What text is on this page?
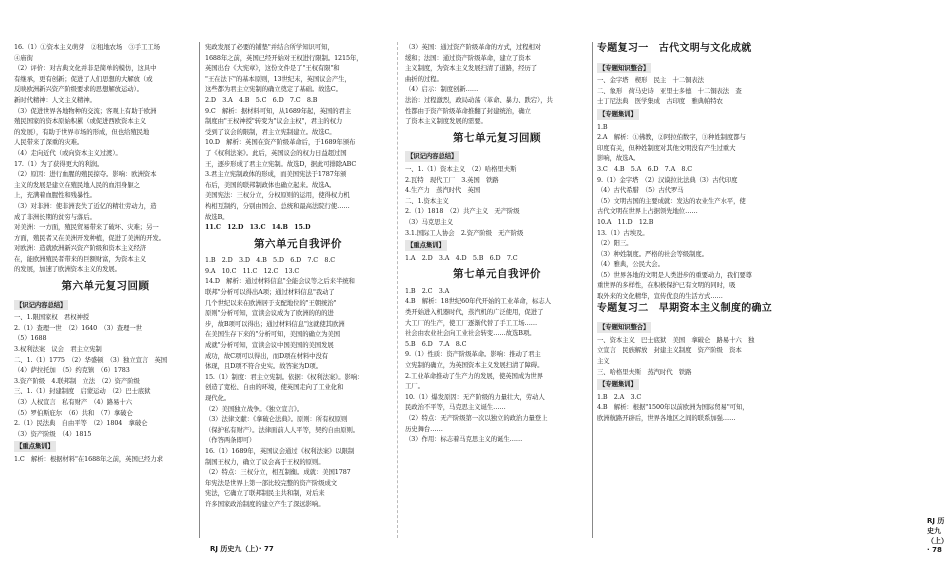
16.（1）①资本主义萌芽　②租地农场　③手工工场

④庙街

（2）评价：对古典文化并非是简单的模仿，这具中

有继承，更有创新；促进了人们思想的大解放（或

反映欧洲新兴资产阶级要求的思想解放运动）。

新时代精神：人文主义精神。

（3）促进世界各地物种的交流；客观上有助于欧洲

殖民国家的资本原始积累（或促进西欧资本主义

的发展），有助于世界市场的形成，但也给殖民地

人民带来了深重的灾难。

（4）走向近代（或向资本主义过渡）。

17.（1）为了获得更大的利润。

（2）原因：进行血腥的殖民掠夺。影响：欧洲资本

主义的发展是建立在殖民地人民的血泪身躯之

上，充满着血腥性和残暴性。

（3）对非洲：使非洲丧失了近亿的精壮劳动力，造

成了非洲长期的贫穷与落后。

对美洲：一方面，殖民贸易带来了破坏、灾难；另一

方面，殖民者又在美洲开发种植，促进了美洲的开发。

对欧洲：造就欧洲新兴资产阶级和资本主义经济

在，能欧洲殖民者带来的巨额财富，为资本主义

的发展，加速了欧洲资本主义的发展。

第六单元复习回顾
【识记内容总结】

一、1.限国家权　君权神授

2.（1）查理一世　（2）1640　（3）查理一世

（5）1688

3.权利法案　议会　君主立宪制

二、1.（1）1775　（2）华盛顿　（3）独立宣言　英国

（4）萨拉托加　（5）约克镇　（6）1783

3.资产阶级　4.联邦制　立法　（2）资产阶级

三、1.（1）封建制度　启蒙运动　（2）巴士底狱

（3）人权宣言　私有财产　（4）路易十六

（5）罗伯斯庇尔　（6）共和　（7）拿破仑

2.（1）民法典　自由平等　（2）1804　拿破仑

（3）资产阶级　（4）1815

【重点集训】

1.C　解析：根据材料"在1688年之前，英国已经力求

宪政发展了必要的铺垫"并结合所学知识可知，

1688年之前，英国已经开始对王权进行限制。1215年，

英国出台《大宪章》，这份文件是了"王权有限"和

"王在法下"的基本原则，13世纪末，英国议会产生，

这些都为君主立宪制的确立奠定了基础。故选C。

2.D　3.A　4.B　5.C　6.D　7.C　8.B

9.C　解析：据材料可知，从1689年起，英国的君主

制度由"王权神授"转变为"议会主权"，君主的权力

受到了议会的限制，君主立宪制建立。故选C。

10.D　解析：英国在资产阶级革命后，于1689年颁布

了《权利法案》。此后，英国议会的权力日益超过国

王，逐步形成了君主立宪制。故选D，据此可排除ABC

3.君主立宪制政体的形成，而美国宪法于1787年颁

布后，美国的联邦制政体也确立起来。故选A。

美国宪法：三权分立，分权原则的运用，使得权力机

构相互制约，分别由国会、总统和最高法院行使……

故选B。

11.C　12.D　13.C　14.B　15.D

第六单元自我评价

1.B　2.D　3.D　4.B　5.D　6.D　7.C　8.C

9.A　10.C　11.C　12.C　13.C

14.D　解析：通过材料信息"全能会议等之后来半统和

联邦"分析可以得出A项；通过材料信息"我动了

几个世纪以来在欧洲居于支配地位的"王朝统治"

原则"分析可知，宣读会议成为了欧洲的的的进

步，故B项可以得出；通过材料信息"这就使其欧洲

在美国生存下来的"分析可知，美国的确立为美国

成就"分析可知，宣读会议中国美国的美国发展

成功，故C项可以得出，而D项在材料中没有

体现，且D项不符合史实。故答案为D项。

15.（1）制度：君主立宪制。依据：《权利法案》。影响：

创造了宽松、自由的环境，使英国走向了工业化和

现代化。

（2）美国独立战争。《独立宣言》。

（3）法律文献：《拿破仑法典》。原则：所有权原则

（保护私有财产）。法律面前人人平等，契约自由原则。

（作答两条即可）

16.（1）1689年，英国议会通过《权利法案》以限制

制国王权力，确立了议会高于王权的原则。

（2）特点：三权分立，相互制衡。成就：美国1787

年宪法是世界上第一部比较完整的资产阶级成文

宪法，它确立了联邦制民主共和制，对后来

许多国家政治制度的建立产生了深远影响。

RJ 历史九（上）· 77

（3）英国：通过资产阶级革命的方式，过程相对

缓和；法国：通过资产阶级革命，建立了资本

主义制度，为资本主义发展扫清了道路，经历了

曲折的过程。

（4）启示：制度创新……

法治：过程激烈，政局动荡（革命、暴力、跌宕），共

性都由于资产阶级革命推翻了封建统治，确立

了资本主义制度发展的需要。

第七单元复习回顾
【识记内容总结】

一、1.（1）资本主义　（2）哈格里夫斯

2.瓦特　现代工厂　3.英国　铁路

4.生产力　蒸汽时代　英国

二、1.资本主义

2.（1）1818　（2）共产主义　无产阶级

（3）马克思主义

3.1.国际工人协会　2.资产阶级　无产阶级

【重点集训】

1.A　2.D　3.A　4.D　5.B　6.D　7.C

第七单元自我评价

1.B　2.C　3.A

4.B　解析：18世纪60年代开始的工业革命，标志人

类开始进入机器时代，蒸汽机的广泛使用，促进了

大工厂的生产，使工厂逐渐代替了手工工场……

社会由农业社会向工业社会转变……故选B项。

5.B　6.D　7.A　8.C

9.（1）性质：资产阶级革命。影响：推动了君主

立宪制的确立，为英国资本主义发展扫清了障碍。

2.工业革命推动了生产力的发展，使英国成为世界

工厂。

10.（1）爆发原因：无产阶级的力量壮大，劳动人

民政治不平等，马克思主义诞生……

（2）特点：无产阶级第一次以独立的政治力量登上

历史舞台……

（3）作用：标志着马克思主义的诞生……

专题复习一　古代文明与文化成就
【专题知识整合】

一、金字塔　楔形　民主　十二铜表法

二、象形　荷马史诗　亚里士多德　十二铜表法　查

士丁尼法典　医学集成　古印度　雅典帕特农

【专题集训】

1.B

2.A　解析：①佛教，②阿拉伯数字，③种姓制度都与

印度有关，但种姓制度对其他文明没有产生过重大

影响，故选A。

3.C　4.B　5.A　6.D　7.A　8.C

9.（1）金字塔　（2）汉谟拉比法典（3）古代印度

（4）古代希腊　（5）古代罗马

（5）文明古国的主要成就：发达的农业生产水平，使

古代文明在世界上占据领先地位……

10.A　11.D　12.B

13.（1）古埃及。

（2）阳三。

（3）种姓制度。严格的社会等级制度。

（4）雅典，公民大会。

（5）世界各地的文明是人类进步的重要动力，我们要尊

重世界的多样性，在积极保护已有文明的同时，吸

取外来的文化精华，宣传优良的生活方式……

专题复习二　早期资本主义制度的确立
【专题知识整合】

一、资本主义　巴士底狱　美国　拿破仑　路易十六　独

立宣言　民族解放　封建主义制度　资产阶级　资本

主义

三、哈格里夫斯　蒸汽时代　铁路

【专题集训】

1.B　2.A　3.C

4.B　解析：根据"1500年以前欧洲为国际贸易"可知，

欧洲航路开辟后，世界各地区之间的联系加强……

RJ 历史九（上）· 78
